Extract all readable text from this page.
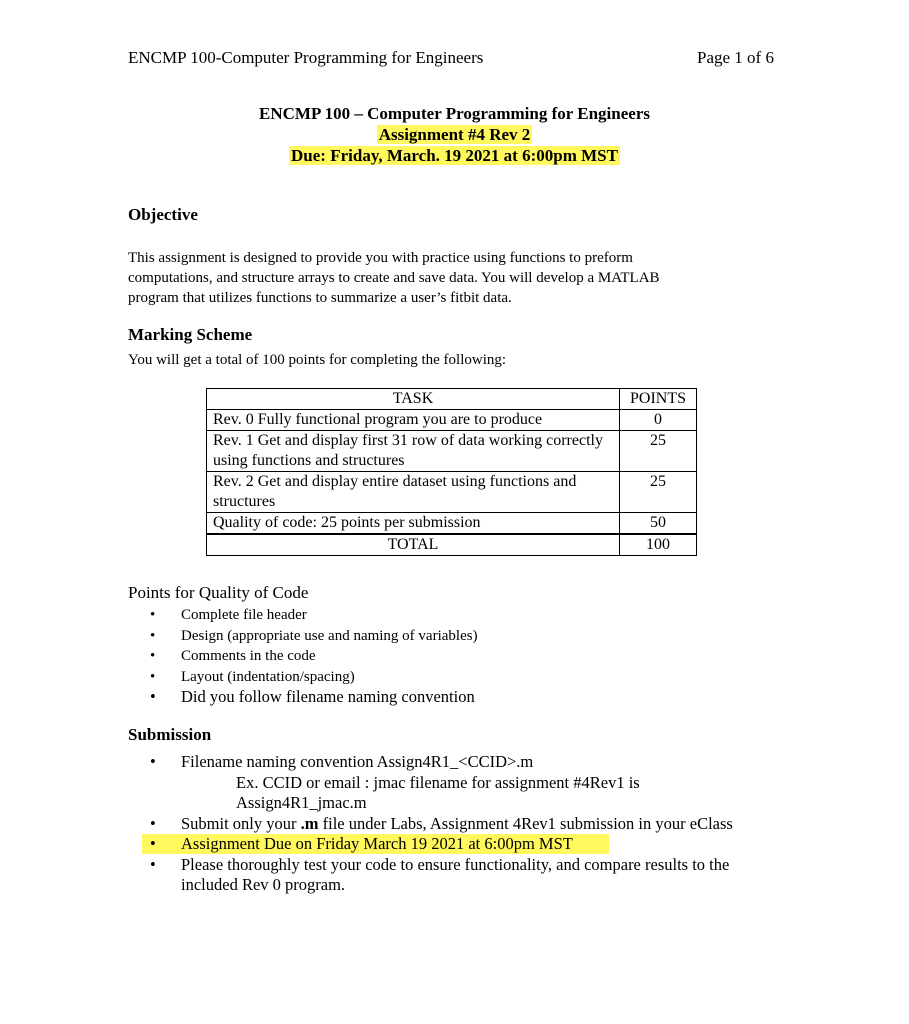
ENCMP 100-Computer Programming for Engineers	Page 1 of 6
ENCMP 100 – Computer Programming for Engineers
Assignment #4 Rev 2
Due: Friday, March. 19 2021 at 6:00pm MST
Objective
This assignment is designed to provide you with practice using functions to preform
computations, and structure arrays to create and save data. You will develop a MATLAB
program that utilizes functions to summarize a user’s fitbit data.
Marking Scheme
You will get a total of 100 points for completing the following:
TASK	POINTS
Rev. 0 Fully functional program you are to produce	0
Rev. 1 Get and display first 31 row of data working correctly using functions and structures	25
Rev. 2 Get and display entire dataset using functions and structures	25
Quality of code: 25 points per submission	50
TOTAL	100
Points for Quality of Code
• Complete file header
• Design (appropriate use and naming of variables)
• Comments in the code
• Layout (indentation/spacing)
• Did you follow filename naming convention
Submission
• Filename naming convention Assign4R1_<CCID>.m
Ex. CCID or email : jmac filename for assignment #4Rev1 is
Assign4R1_jmac.m
• Submit only your .m file under Labs, Assignment 4Rev1 submission in your eClass
• Assignment Due on Friday March 19 2021 at 6:00pm MST
• Please thoroughly test your code to ensure functionality, and compare results to the included Rev 0 program.
